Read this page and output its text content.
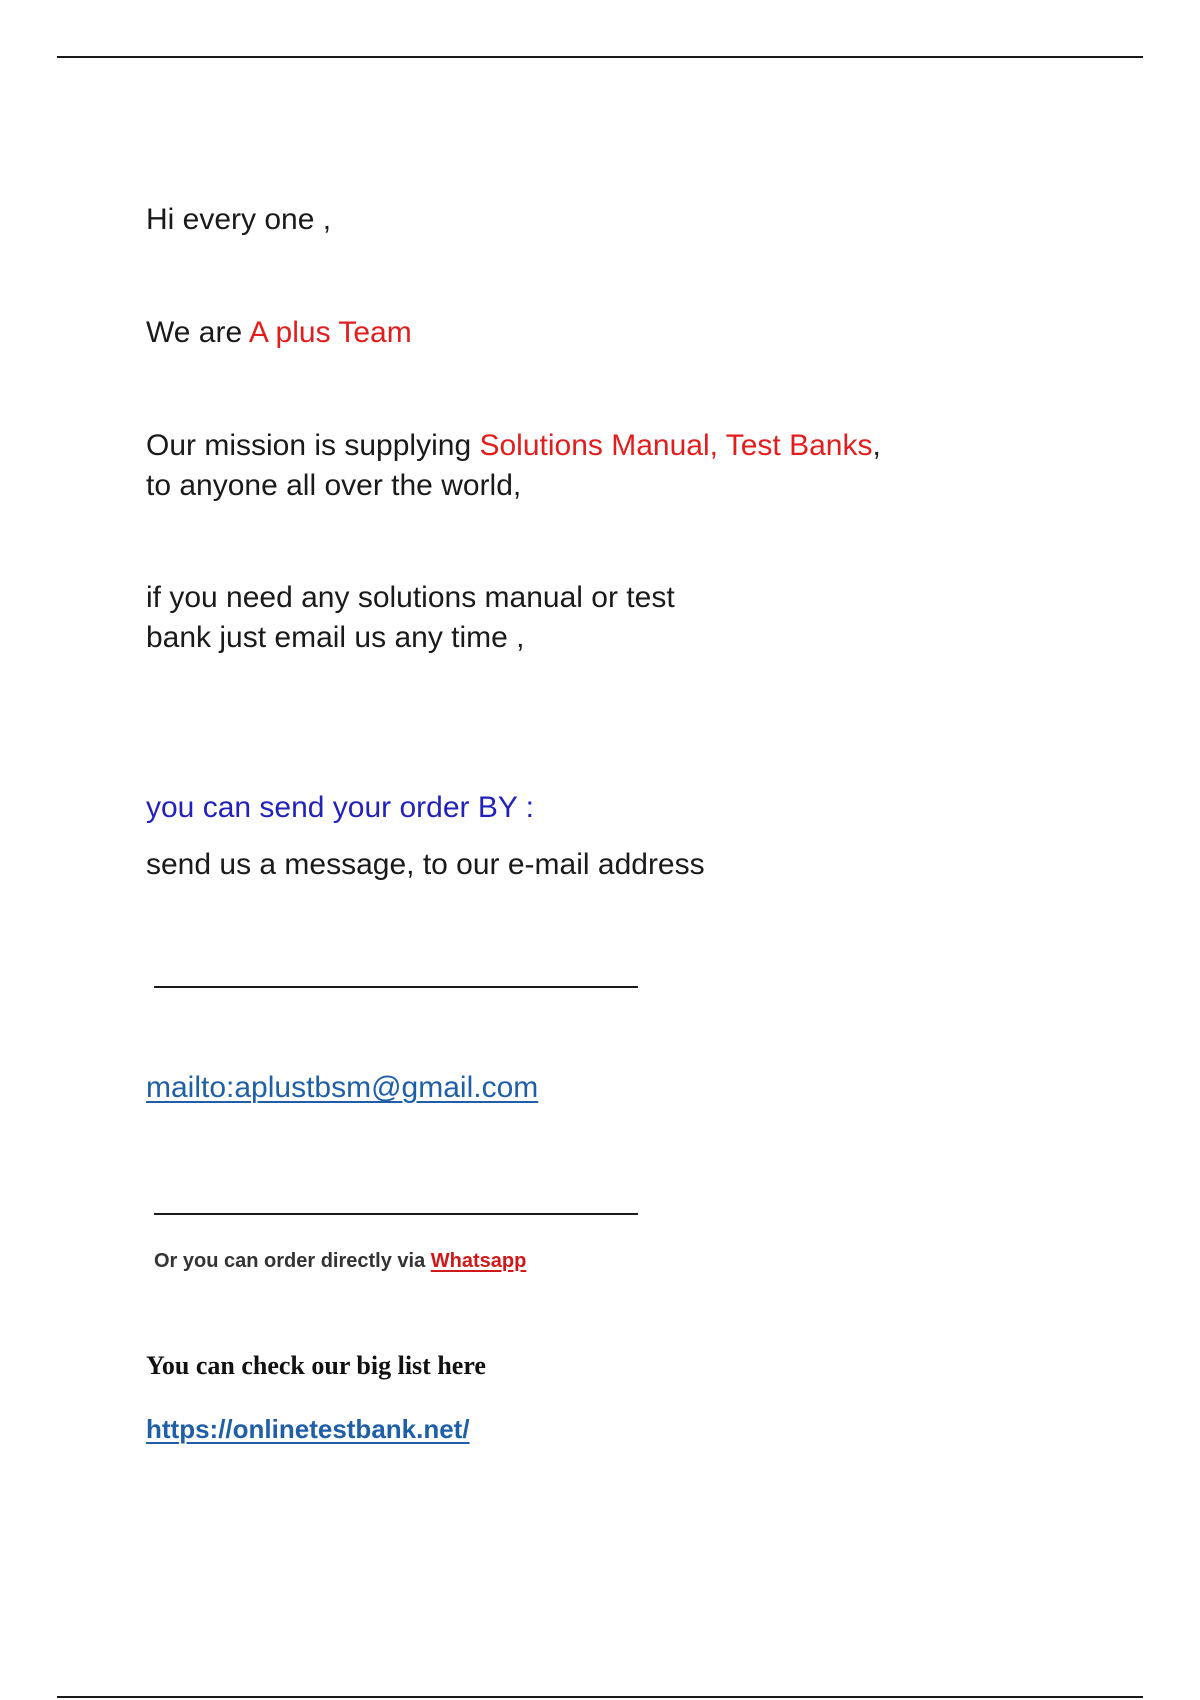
Hi every one ,
We are A plus Team
Our mission is supplying Solutions Manual, Test Banks,
to anyone all over the world,
if you need any solutions manual or test
bank just email us any time ,
you can send your order BY :
send us a message, to our e-mail address
mailto:aplustbsm@gmail.com
Or you can order directly via Whatsapp
You can check our big list here
https://onlinetestbank.net/
